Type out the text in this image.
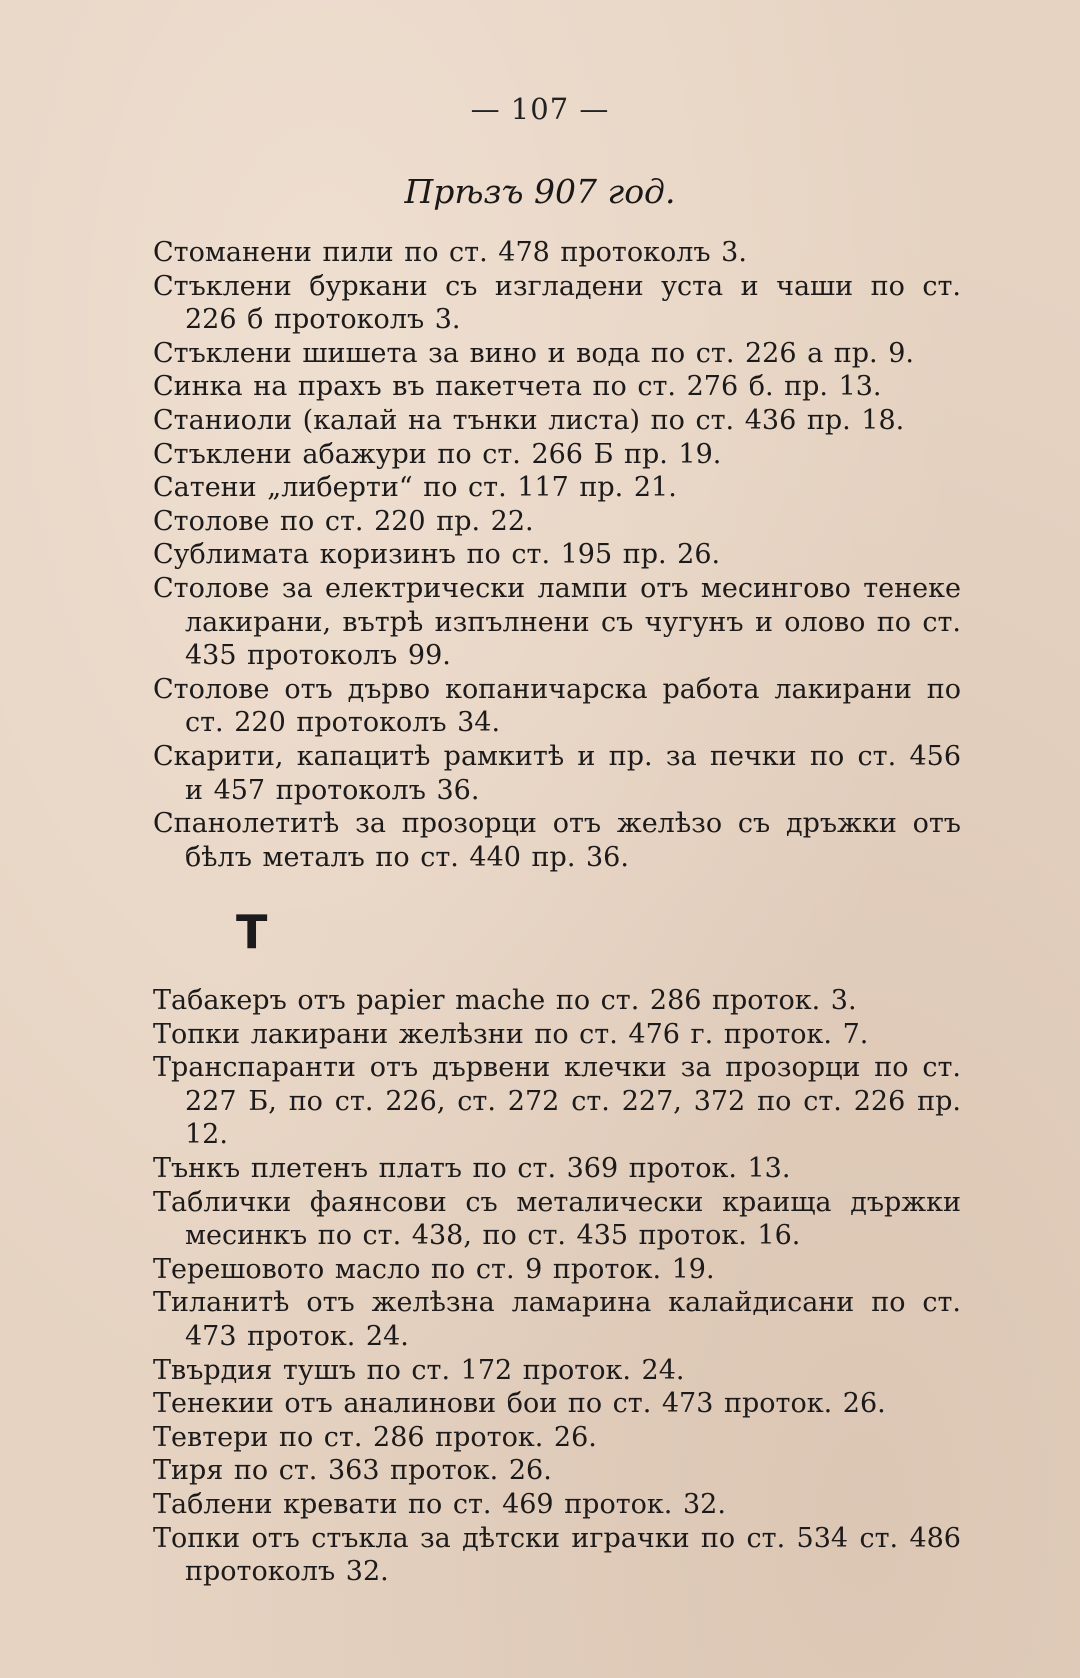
— 107 —
Прѣзъ 907 год.
Стоманени пили по ст. 478 протоколъ 3.
Стъклени буркани съ изгладени уста и чаши по ст. 226 б протоколъ 3.
Стъклени шишета за вино и вода по ст. 226 а пр. 9.
Синка на прахъ въ пакетчета по ст. 276 б. пр. 13.
Станиоли (калай на тънки листа) по ст. 436 пр. 18.
Стъклени абажури по ст. 266 Б пр. 19.
Сатени „либерти“ по ст. 117 пр. 21.
Столове по ст. 220 пр. 22.
Сублимата коризинъ по ст. 195 пр. 26.
Столове за електрически лампи отъ месингово тенеке лакирани, вътрѣ изпълнени съ чугунъ и олово по ст. 435 протоколъ 99.
Столове отъ дърво копаничарска работа лакирани по ст. 220 протоколъ 34.
Скарити, капацитѣ рамкитѣ и пр. за печки по ст. 456 и 457 протоколъ 36.
Спанолетитѣ за прозорци отъ желѣзо съ дръжки отъ бѣлъ металъ по ст. 440 пр. 36.
Т
Табакеръ отъ papier maсhе по ст. 286 проток. 3.
Топки лакирани желѣзни по ст. 476 г. проток. 7.
Транспаранти отъ дървени клечки за прозорци по ст. 227 Б, по ст. 226, ст. 272 ст. 227, 372 по ст. 226 пр. 12.
Тънкъ плетенъ платъ по ст. 369 проток. 13.
Таблички фаянсови съ металически краища държки месинкъ по ст. 438, по ст. 435 проток. 16.
Терешовото масло по ст. 9 проток. 19.
Тиланитѣ отъ желѣзна ламарина калайдисани по ст. 473 проток. 24.
Твърдия тушъ по ст. 172 проток. 24.
Тенекии отъ аналинови бои по ст. 473 проток. 26.
Тевтери по ст. 286 проток. 26.
Тиря по ст. 363 проток. 26.
Таблени кревати по ст. 469 проток. 32.
Топки отъ стъкла за дѣтски играчки по ст. 534 ст. 486 протоколъ 32.
